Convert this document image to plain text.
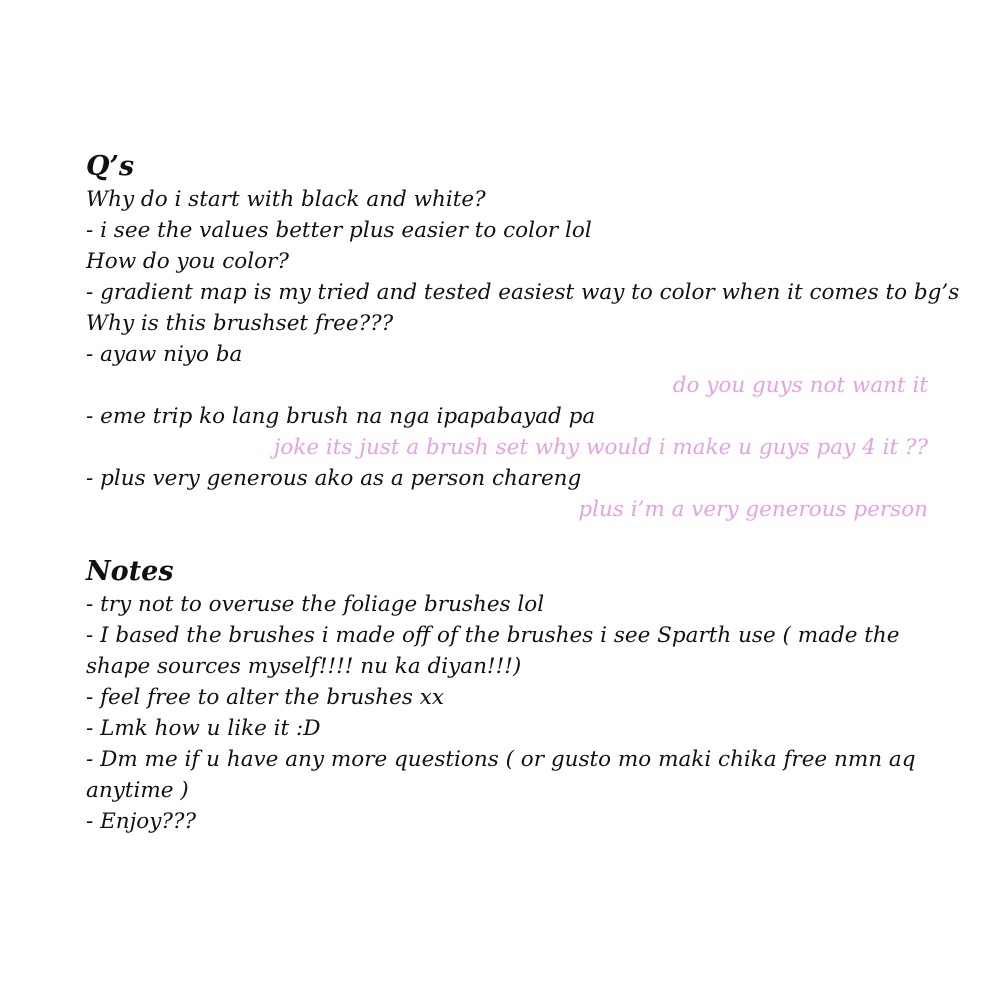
Q’s
Why do i start with black and white?
- i see the values better plus easier to color lol
How do you color?
- gradient map is my tried and tested easiest way to color when it comes to bg’s
Why is this brushset free???
- ayaw niyo ba
do you guys not want it
- eme trip ko lang brush na nga ipapabayad pa
joke its just a brush set why would i make u guys pay 4 it ??
- plus very generous ako as a person chareng
plus i’m a very generous person
Notes
- try not to overuse the foliage brushes lol
- I based the brushes i made off of the brushes i see Sparth use ( made the shape sources myself!!!! nu ka diyan!!!)
- feel free to alter the brushes xx
- Lmk how u like it :D
- Dm me if u have any more questions ( or gusto mo maki chika free nmn aq anytime )
- Enjoy???
